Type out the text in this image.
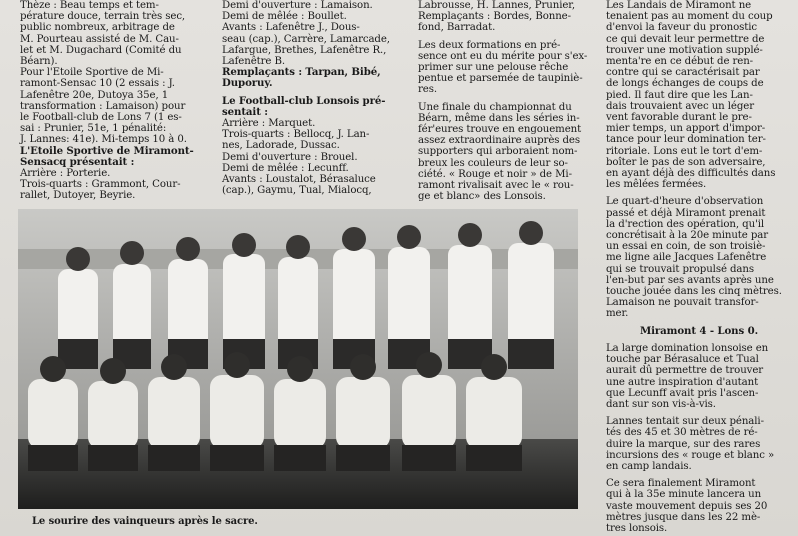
Thèze : Beau temps et tem-
pérature douce, terrain très sec,
public nombreux, arbitrage de
M. Pourteau assisté de M. Cau-
let et M. Dugachard (Comité du
Béarn).

Pour l'Etoile Sportive de Mi-
ramont-Sensac 10 (2 essais : J.
Lafenêtre 20e, Dutoya 35e, 1
transformation : Lamaison) pour
le Football-club de Lons 7 (1 es-
sai : Prunier, 51e, 1 pénalité:
J. Lannes: 41e). Mi-temps 10 à 0.

L'Etoile Sportive de Miramont-
Sensacq présentait :

Arrière : Porterie.
Trois-quarts : Grammont, Cour-
rallet, Dutoyer, Beyrie.

Demi d'ouverture : Lamaison.
Demi de mêlée : Boullet.
Avants : Lafenêtre J., Dous-
seau (cap.), Carrère, Lamarcade,
Lafargue, Brethes, Lafenêtre R.,
Lafenêtre B.

Remplaçants : Tarpan, Bibé,
Duporuy.

Le Football-club Lonsois pré-
sentait :

Arrière : Marquet.
Trois-quarts : Bellocq, J. Lan-
nes, Ladorade, Dussac.
Demi d'ouverture : Brouel.
Demi de mêlée : Lecunff.
Avants : Loustalot, Bérasaluce
(cap.), Gaymu, Tual, Mialocq,

Labrousse, H. Lannes, Prunier,
Remplaçants : Bordes, Bonne-
fond, Barradat.

Les deux formations en pré-
sence ont eu du mérite pour s'ex-
primer sur une pelouse rêche
pentue et parsemée de taupiniè-
res.

Une finale du championnat du
Béarn, même dans les séries in-
fér'eures trouve en engouement
assez extraordinaire auprès des
supporters qui arboraient nom-
breux les couleurs de leur so-
ciété. « Rouge et noir » de Mi-
ramont rivalisait avec le « rou-
ge et blanc» des Lonsois.

Les Landais de Miramont ne
tenaient pas au moment du coup
d'envoi la faveur du pronostic
ce qui devait leur permettre de
trouver une motivation supplé-
menta're en ce début de ren-
contre qui se caractérisait par
de longs échanges de coups de
pied. Il faut dire que les Lan-
dais trouvaient avec un léger
vent favorable durant le pre-
mier temps, un apport d'impor-
tance pour leur domination ter-
ritoriale. Lons eut le tort d'em-
boîter le pas de son adversaire,
en ayant déjà des difficultés dans
les mêlées fermées.

Le quart-d'heure d'observation
passé et déjà Miramont prenait
la d'rection des opération, qu'il
concrétisait à la 20e minute par
un essai en coin, de son troisiè-
me ligne aile Jacques Lafenêtre
qui se trouvait propulsé dans
l'en-but par ses avants après une
touche jouée dans les cinq mètres.
Lamaison ne pouvait transfor-
mer.

Miramont 4 - Lons 0.

La large domination lonsoise en
touche par Bérasaluce et Tual
aurait dû permettre de trouver
une autre inspiration d'autant
que Lecunff avait pris l'ascen-
dant sur son vis-à-vis.

Lannes tentait sur deux pénali-
tés des 45 et 30 mètres de ré-
duire la marque, sur des rares
incursions des « rouge et blanc »
en camp landais.

Ce sera finalement Miramont
qui à la 35e minute lancera un
vaste mouvement depuis ses 20
mètres jusque dans les 22 mè-
tres lonsois.

Le sourire des vainqueurs après le sacre.
